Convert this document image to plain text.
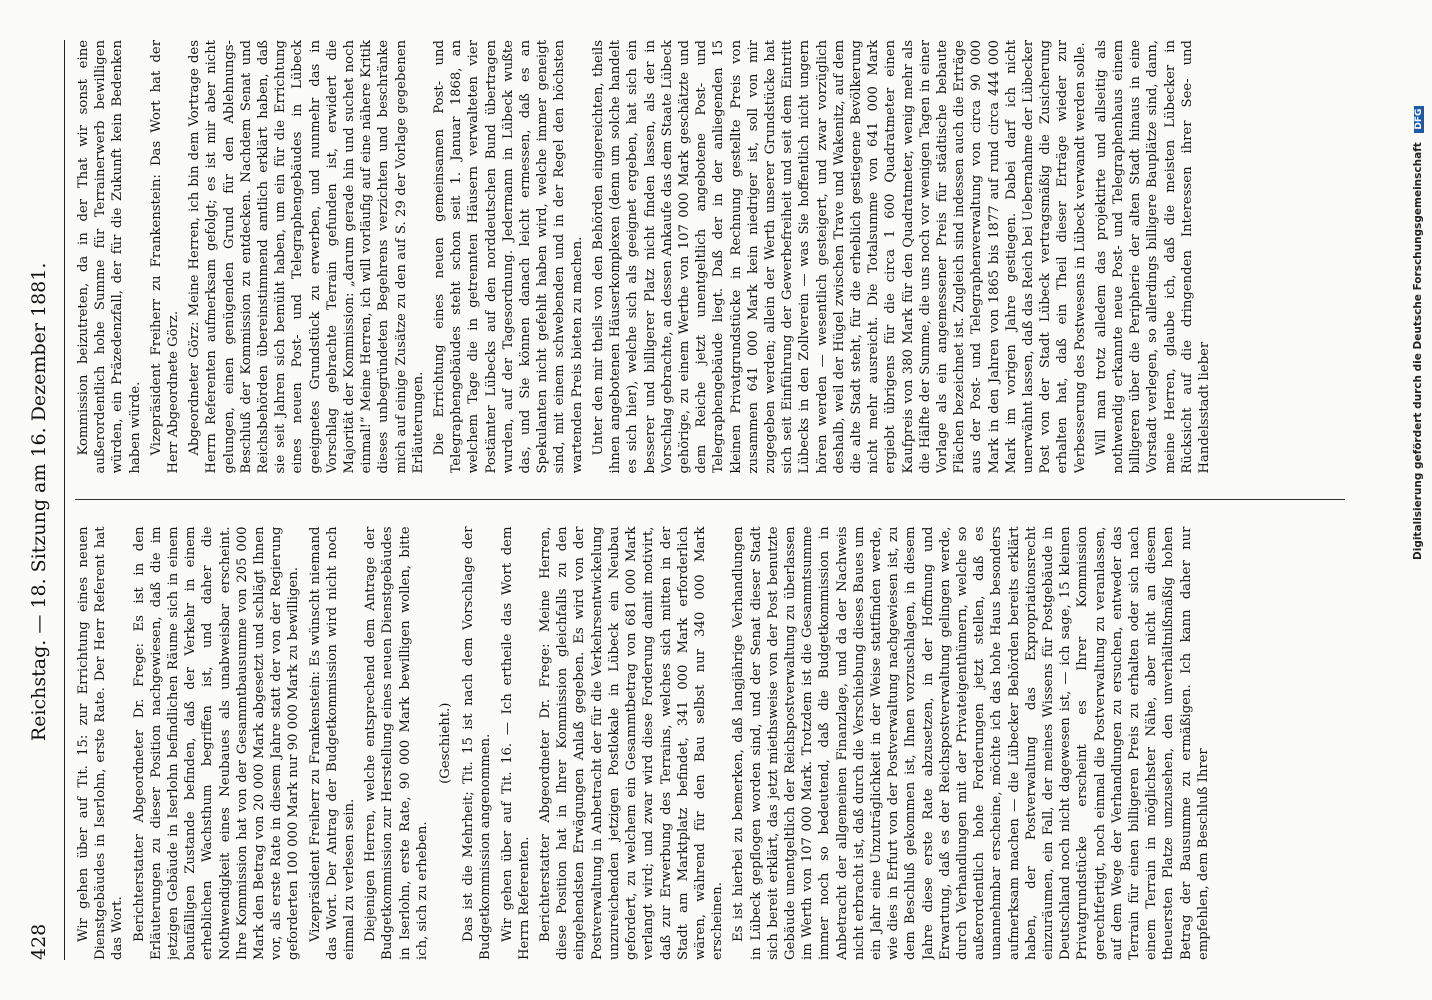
428
Reichstag. — 18. Sitzung am 16. Dezember 1881. Wir gehen über auf Tit. 15: zur Errichtung eines neuen Dienstgebäudes in Iserlohn, erste Rate. Der Herr Referent hat das Wort. Berichterstatter Abgeordneter Dr. Frege: Es ist in den Erläuterungen zu dieser Position nachgewiesen, daß die im jetzigen Gebäude in Iserlohn befindlichen Räume sich in einem baufälligen Zustande befinden, daß der Verkehr in einem erheblichen Wachsthum begriffen ist, und daher die Nothwendigkeit eines Neubaues als unabweisbar erscheint. Ihre Kommission hat von der Gesammtbausumme von 205 000 Mark den Betrag von 20 000 Mark abgesetzt und schlägt Ihnen vor, als erste Rate in diesem Jahre statt der von der Regierung geforderten 100 000 Mark nur 90 000 Mark zu bewilligen. Vizepräsident Freiherr zu Frankenstein: Es wünscht niemand das Wort. Der Antrag der Budgetkommission wird nicht noch einmal zu verlesen sein. Diejenigen Herren, welche entsprechend dem Antrage der Budgetkommission zur Herstellung eines neuen Dienstgebäudes in Iserlohn, erste Rate, 90 000 Mark bewilligen wollen, bitte ich, sich zu erheben.

(Geschieht.) Das ist die Mehrheit; Tit. 15 ist nach dem Vorschlage der Budgetkommission angenommen. Wir gehen über auf Tit. 16. — Ich ertheile das Wort dem Herrn Referenten. Berichterstatter Abgeordneter Dr. Frege: Meine Herren, diese Position hat in Ihrer Kommission gleichfalls zu den eingehendsten Erwägungen Anlaß gegeben. Es wird von der Postverwaltung in Anbetracht der für die Verkehrsentwickelung unzureichenden jetzigen Postlokale in Lübeck ein Neubau gefordert, zu welchem ein Gesammtbetrag von 681 000 Mark verlangt wird; und zwar wird diese Forderung damit motivirt, daß zur Erwerbung des Terrains, welches sich mitten in der Stadt am Marktplatz befindet, 341 000 Mark erforderlich wären, während für den Bau selbst nur 340 000 Mark erscheinen. Es ist hierbei zu bemerken, daß langjährige Verhandlungen in Lübeck gepflogen worden sind, und der Senat dieser Stadt sich bereit erklärt, das jetzt miethsweise von der Post benutzte Gebäude unentgeltlich der Reichspostverwaltung zu überlassen im Werth von 107 000 Mark. Trotzdem ist die Gesammtsumme immer noch so bedeutend, daß die Budgetkommission in Anbetracht der allgemeinen Finanzlage, und da der Nachweis nicht erbracht ist, daß durch die Verschiebung dieses Baues um ein Jahr eine Unzuträglichkeit in der Weise stattfinden werde, wie dies in Erfurt von der Postverwaltung nachgewiesen ist, zu dem Beschluß gekommen ist, Ihnen vorzuschlagen, in diesem Jahre diese erste Rate abzusetzen, in der Hoffnung und Erwartung, daß es der Reichspostverwaltung gelingen werde, durch Verhandlungen mit der Privateigenthümern, welche so außerordentlich hohe Forderungen jetzt stellen, daß es unannehmbar erscheine, möchte ich das hohe Haus besonders aufmerksam machen — die Lübecker Behörden bereits erklärt haben, der Postverwaltung das Expropriationsrecht einzuräumen, ein Fall, der meines Wissens für Postgebäude in Deutschland noch nicht dagewesen ist, — ich sage, 15 kleinen Privatgrundstücke erscheint es Ihrer Kommission gerechtfertigt, noch einmal die Postverwaltung zu veranlassen, auf dem Wege der Verhandlungen zu ersuchen, entweder das Terrain für einen billigeren Preis zu erhalten oder sich nach einem Terrain in möglichster Nähe, aber nicht an diesem theuersten Platze umzusehen, den unverhältnißmäßig hohen Betrag der Bausumme zu ermäßigen. Ich kann daher nur empfehlen, dem Beschluß Ihrer

Kommission beizutreten, da in der That wir sonst eine außerordentlich hohe Summe für Terrainerwerb bewilligen würden, ein Präzedenzfall, der für die Zukunft kein Bedenken haben würde. Vizepräsident Freiherr zu Frankenstein: Das Wort hat der Herr Abgeordnete Görz. Abgeordneter Görz: Meine Herren, ich bin dem Vortrage des Herrn Referenten aufmerksam gefolgt; es ist mir aber nicht gelungen, einen genügenden Grund für den Ablehnungs-Beschluß der Kommission zu entdecken. Nachdem Senat und Reichsbehörden übereinstimmend amtlich erklärt haben, daß sie seit Jahren sich bemüht haben, um ein für die Errichtung eines neuen Post- und Telegraphengebäudes in Lübeck geeignetes Grundstück zu erwerben, und nunmehr das in Vorschlag gebrachte Terrain gefunden ist, erwidert die Majorität der Kommission: „darum gerade hin und suchet noch einmal!“ Meine Herren, ich will vorläufig auf eine nähere Kritik dieses unbegründeten Begehrens verzichten und beschränke mich auf einige Zusätze zu den auf S. 29 der Vorlage gegebenen Erläuterungen. Die Errichtung eines neuen gemeinsamen Post- und Telegraphengebäudes steht schon seit 1. Januar 1868, an welchem Tage die in getrennten Häusern verwalteten vier Postämter Lübecks auf den norddeutschen Bund übertragen wurden, auf der Tagesordnung. Jedermann in Lübeck wußte das, und Sie können danach leicht ermessen, daß es an Spekulanten nicht gefehlt haben wird, welche immer geneigt sind, mit einem schwebenden und in der Regel den höchsten wartenden Preis bieten zu machen. Unter den mir theils von den Behörden eingereichten, theils ihnen angebotenen Häuserkomplexen (denn um solche handelt es sich hier), welche sich als geeignet ergeben, hat sich ein besserer und billigerer Platz nicht finden lassen, als der in Vorschlag gebrachte, an dessen Ankaufe das dem Staate Lübeck gehörige, zu einem Werthe von 107 000 Mark geschätzte und dem Reiche jetzt unentgeltlich angebotene Post- und Telegraphengebäude liegt. Daß der in der anliegenden 15 kleinen Privatgrundstücke in Rechnung gestellte Preis von zusammen 641 000 Mark kein niedriger ist, soll von mir zugegeben werden; allein der Werth unserer Grundstücke hat sich seit Einführung der Gewerbefreiheit und seit dem Eintritt Lübecks in den Zollverein — was Sie hoffentlich nicht ungern hören werden — wesentlich gesteigert, und zwar vorzüglich deshalb, weil der Hügel zwischen Trave und Wakenitz, auf dem die alte Stadt steht, für die erheblich gestiegene Bevölkerung nicht mehr ausreicht. Die Totalsumme von 641 000 Mark ergiebt übrigens für die circa 1 600 Quadratmeter einen Kaufpreis von 380 Mark für den Quadratmeter, wenig mehr als die Hälfte der Summe, die uns noch vor wenigen Tagen in einer Vorlage als ein angemessener Preis für städtische bebaute Flächen bezeichnet ist. Zugleich sind indessen auch die Erträge aus der Post- und Telegraphenverwaltung von circa 90 000 Mark in den Jahren von 1865 bis 1877 auf rund circa 444 000 Mark im vorigen Jahre gestiegen. Dabei darf ich nicht unerwähnt lassen, daß das Reich bei Uebernahme der Lübecker Post von der Stadt Lübeck vertragsmäßig die Zusicherung erhalten hat, daß ein Theil dieser Erträge wieder zur Verbesserung des Postwesens in Lübeck verwandt werden solle. Will man trotz alledem das projektirte und allseitig als nothwendig erkannte neue Post- und Telegraphenhaus einem billigeren über die Peripherie der alten Stadt hinaus in eine Vorstadt verlegen, so allerdings billigere Bauplätze sind, dann, meine Herren, glaube ich, daß die meisten Lübecker in Rücksicht auf die dringenden Interessen ihrer See- und Handelsstadt lieber	Digitalisierung gefördert durch die Deutsche Forschungsgemeinschaft DFG
